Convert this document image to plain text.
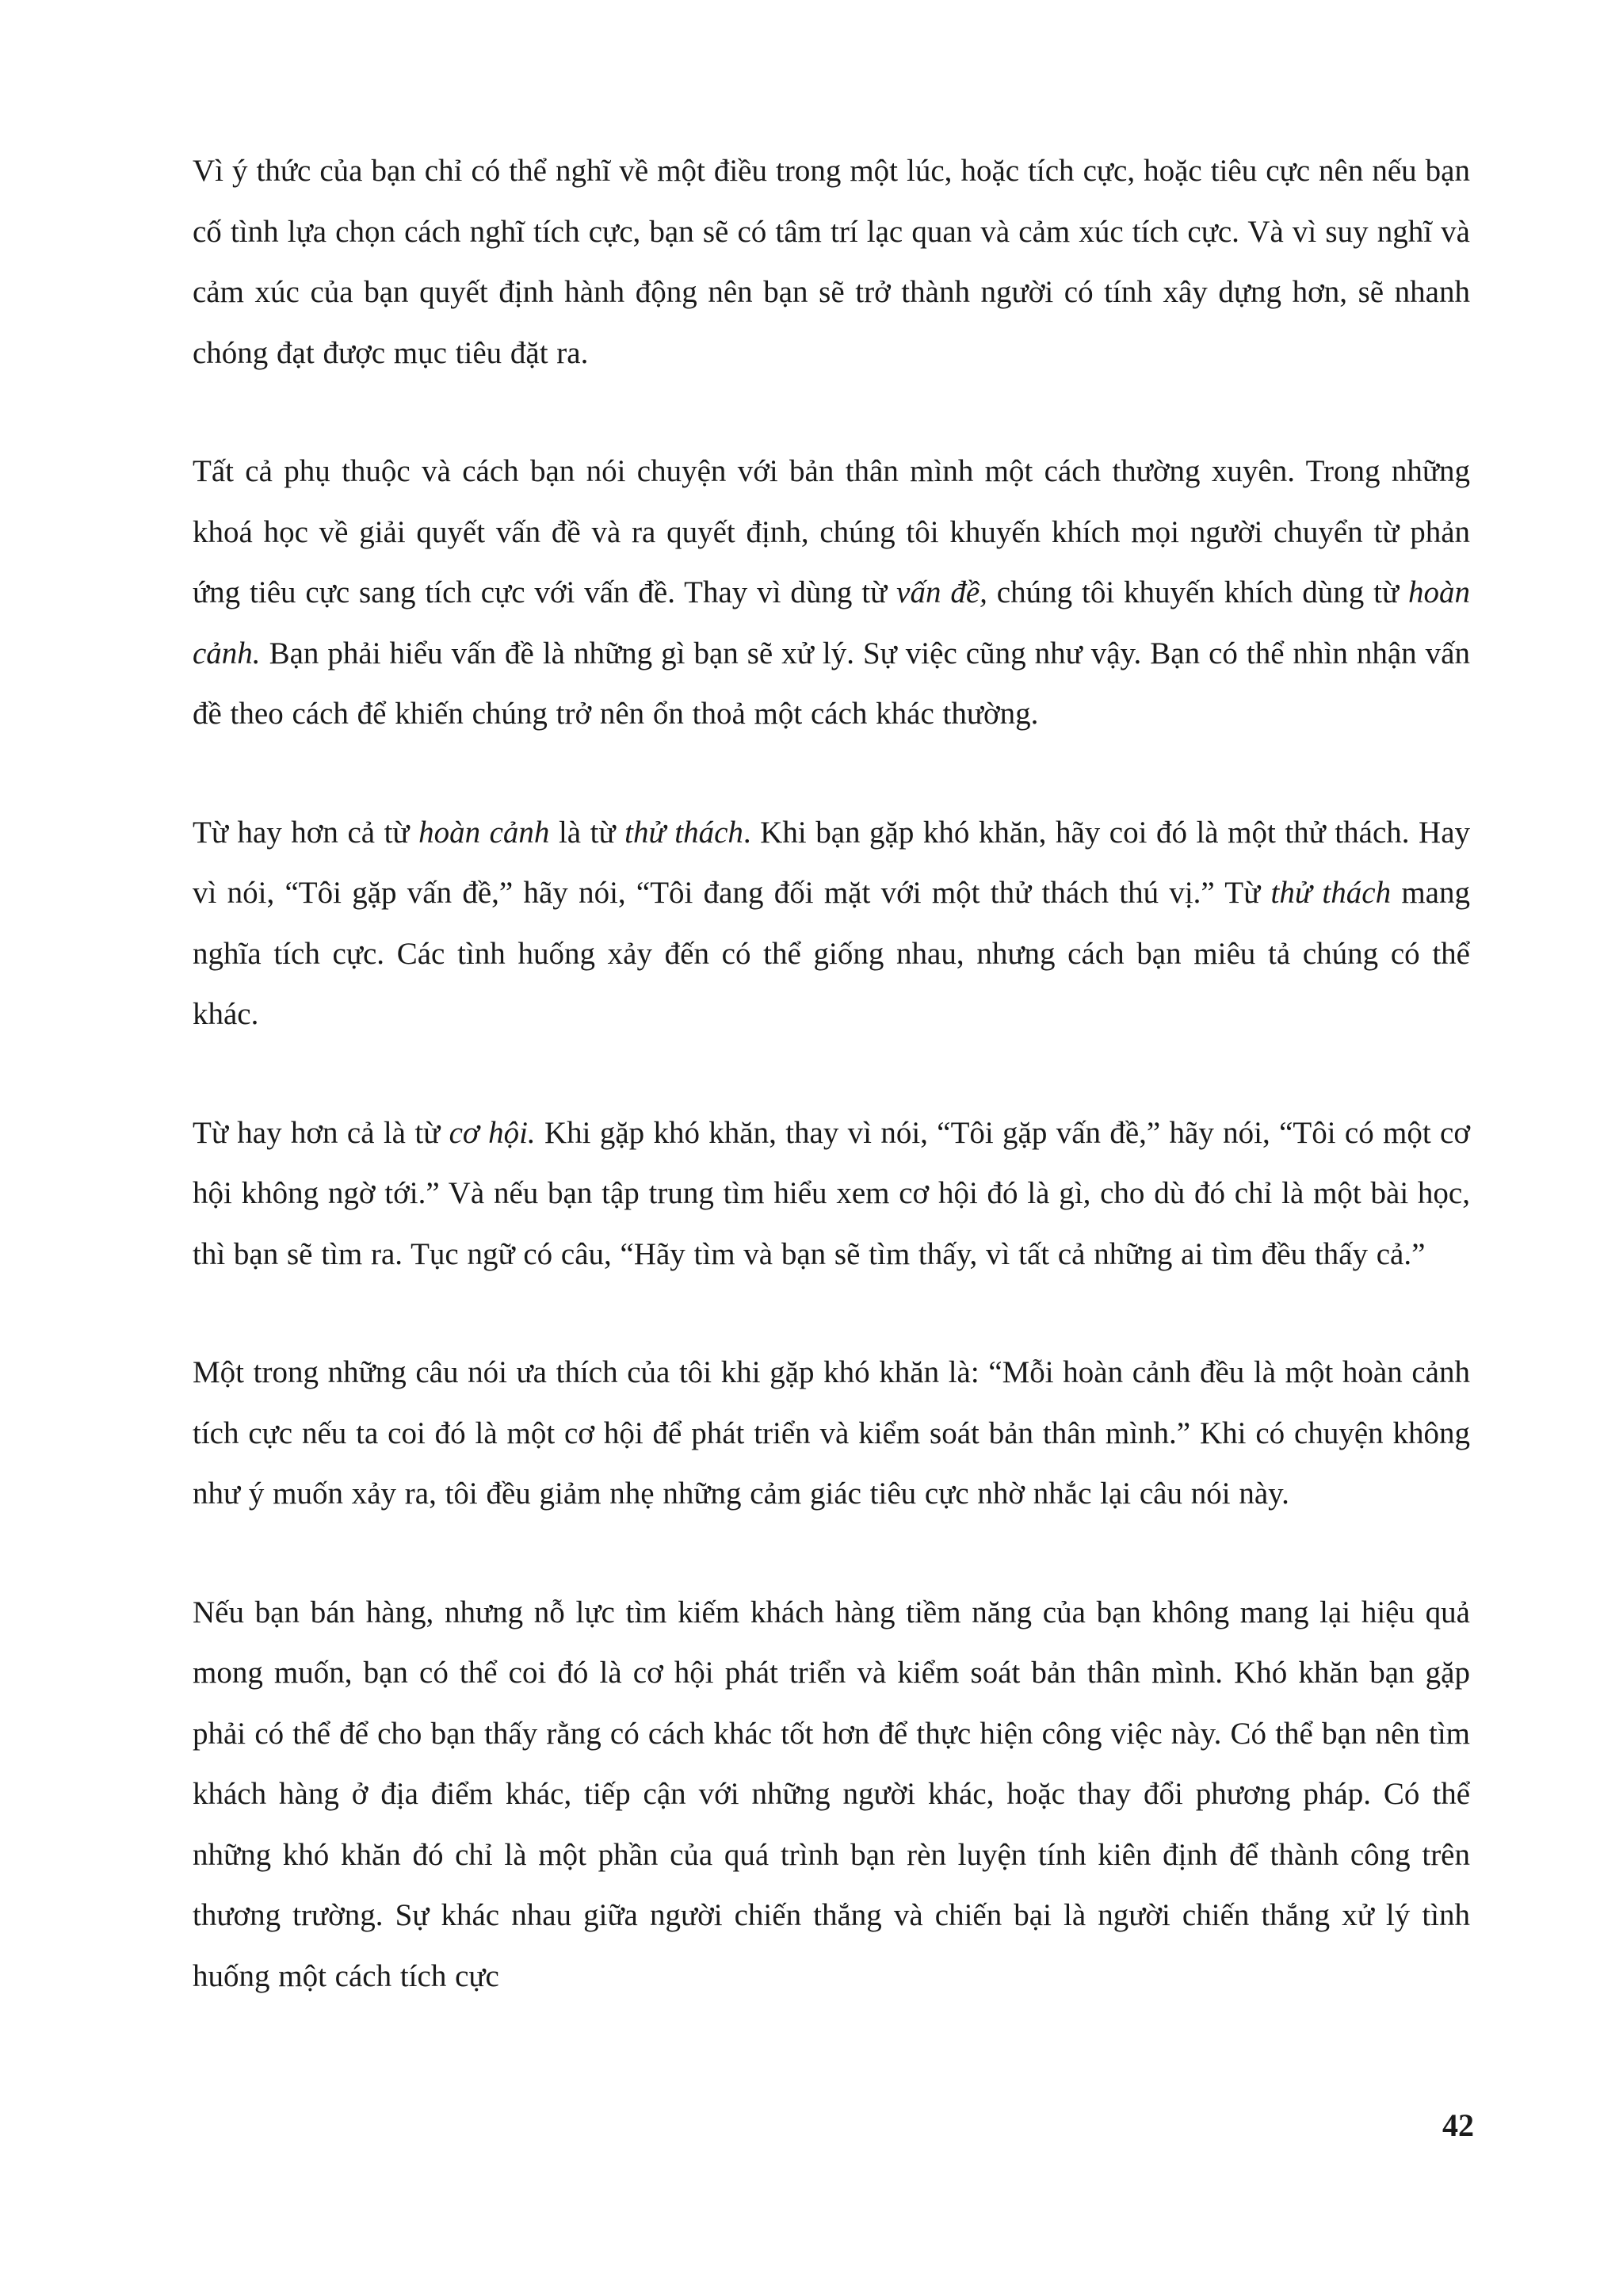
Vì ý thức của bạn chỉ có thể nghĩ về một điều trong một lúc, hoặc tích cực, hoặc tiêu cực nên nếu bạn cố tình lựa chọn cách nghĩ tích cực, bạn sẽ có tâm trí lạc quan và cảm xúc tích cực. Và vì suy nghĩ và cảm xúc của bạn quyết định hành động nên bạn sẽ trở thành người có tính xây dựng hơn, sẽ nhanh chóng đạt được mục tiêu đặt ra.

Tất cả phụ thuộc và cách bạn nói chuyện với bản thân mình một cách thường xuyên. Trong những khoá học về giải quyết vấn đề và ra quyết định, chúng tôi khuyến khích mọi người chuyển từ phản ứng tiêu cực sang tích cực với vấn đề. Thay vì dùng từ vấn đề, chúng tôi khuyến khích dùng từ hoàn cảnh. Bạn phải hiểu vấn đề là những gì bạn sẽ xử lý. Sự việc cũng như vậy. Bạn có thể nhìn nhận vấn đề theo cách để khiến chúng trở nên ổn thoả một cách khác thường.

Từ hay hơn cả từ hoàn cảnh là từ thử thách. Khi bạn gặp khó khăn, hãy coi đó là một thử thách. Hay vì nói, “Tôi gặp vấn đề,” hãy nói, “Tôi đang đối mặt với một thử thách thú vị.” Từ thử thách mang nghĩa tích cực. Các tình huống xảy đến có thể giống nhau, nhưng cách bạn miêu tả chúng có thể khác.

Từ hay hơn cả là từ cơ hội. Khi gặp khó khăn, thay vì nói, “Tôi gặp vấn đề,” hãy nói, “Tôi có một cơ hội không ngờ tới.” Và nếu bạn tập trung tìm hiểu xem cơ hội đó là gì, cho dù đó chỉ là một bài học, thì bạn sẽ tìm ra. Tục ngữ có câu, “Hãy tìm và bạn sẽ tìm thấy, vì tất cả những ai tìm đều thấy cả.”

Một trong những câu nói ưa thích của tôi khi gặp khó khăn là: “Mỗi hoàn cảnh đều là một hoàn cảnh tích cực nếu ta coi đó là một cơ hội để phát triển và kiểm soát bản thân mình.” Khi có chuyện không như ý muốn xảy ra, tôi đều giảm nhẹ những cảm giác tiêu cực nhờ nhắc lại câu nói này.

Nếu bạn bán hàng, nhưng nỗ lực tìm kiếm khách hàng tiềm năng của bạn không mang lại hiệu quả mong muốn, bạn có thể coi đó là cơ hội phát triển và kiểm soát bản thân mình. Khó khăn bạn gặp phải có thể để cho bạn thấy rằng có cách khác tốt hơn để thực hiện công việc này. Có thể bạn nên tìm khách hàng ở địa điểm khác, tiếp cận với những người khác, hoặc thay đổi phương pháp. Có thể những khó khăn đó chỉ là một phần của quá trình bạn rèn luyện tính kiên định để thành công trên thương trường. Sự khác nhau giữa người chiến thắng và chiến bại là người chiến thắng xử lý tình huống một cách tích cực

42
